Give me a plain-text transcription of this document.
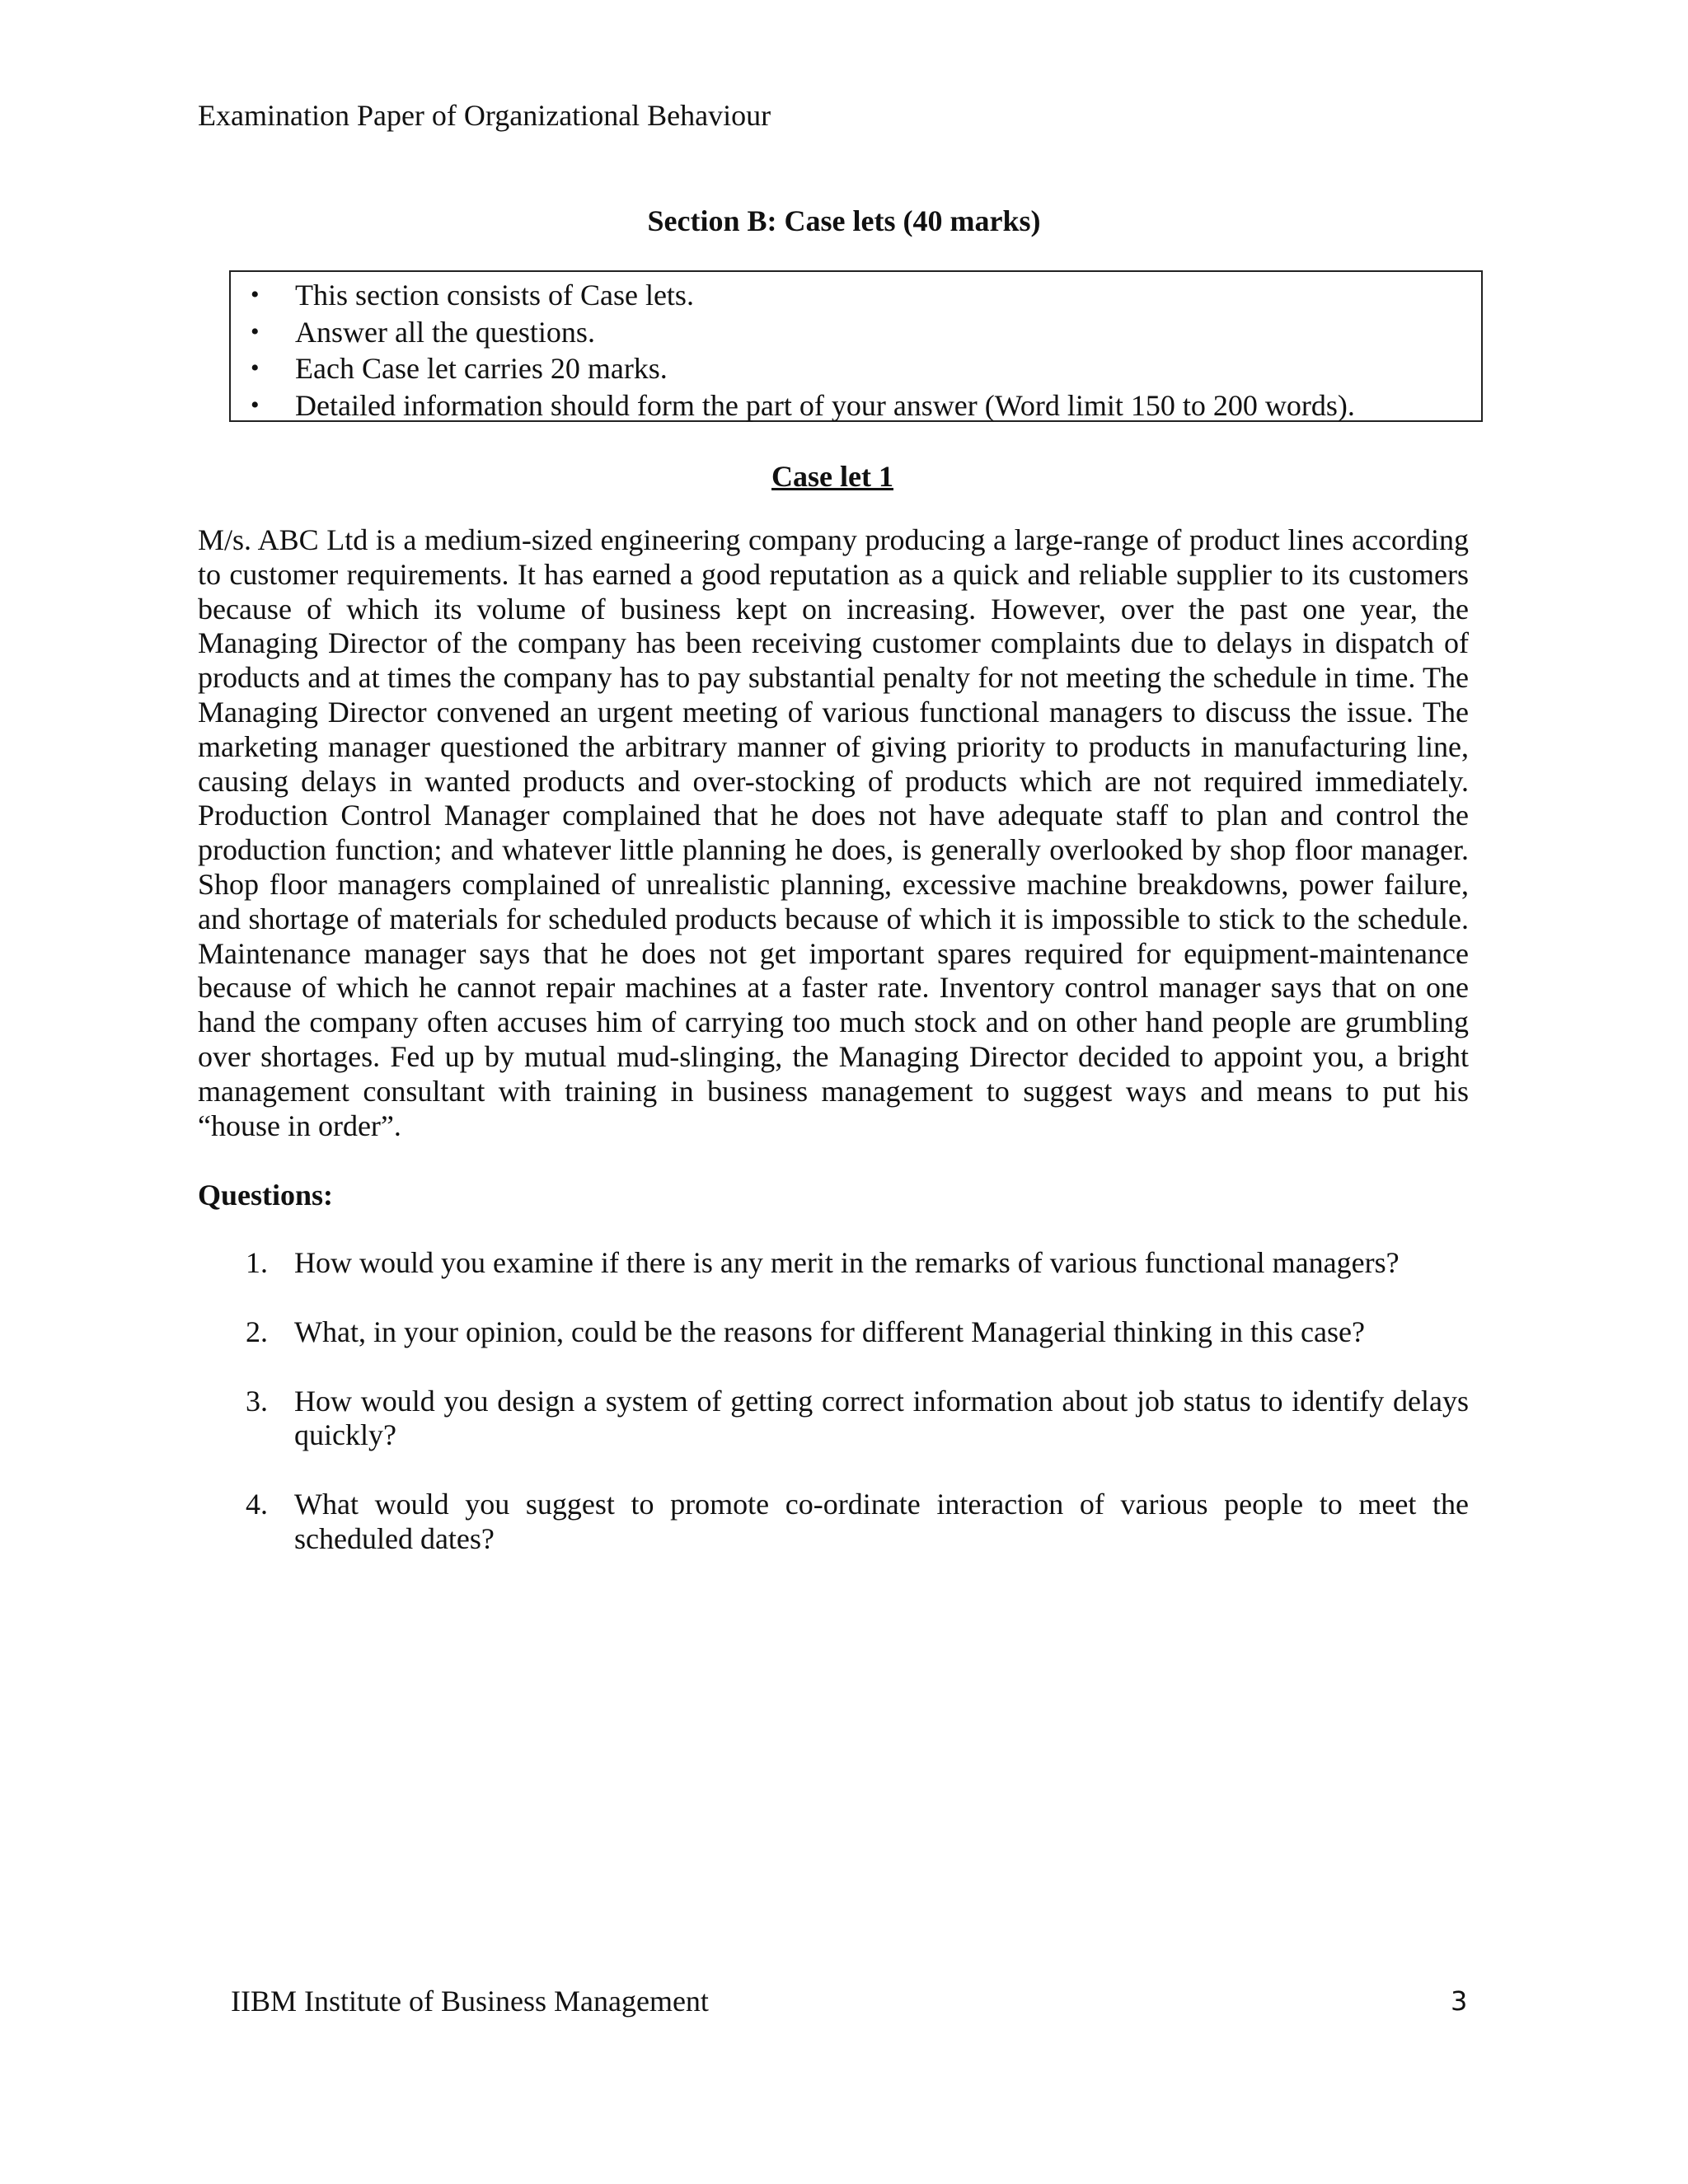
Examination Paper of Organizational Behaviour
Section B: Case lets (40 marks)
• This section consists of Case lets.
• Answer all the questions.
• Each Case let carries 20 marks.
• Detailed information should form the part of your answer (Word limit 150 to 200 words).
Case let 1

M/s. ABC Ltd is a medium-sized engineering company producing a large-range of product lines according to customer requirements. It has earned a good reputation as a quick and reliable supplier to its customers because of which its volume of business kept on increasing. However, over the past one year, the Managing Director of the company has been receiving customer complaints due to delays in dispatch of products and at times the company has to pay substantial penalty for not meeting the schedule in time. The Managing Director convened an urgent meeting of various functional managers to discuss the issue. The marketing manager questioned the arbitrary manner of giving priority to products in manufacturing line, causing delays in wanted products and over-stocking of products which are not required immediately. Production Control Manager complained that he does not have adequate staff to plan and control the production function; and whatever little planning he does, is generally overlooked by shop floor manager. Shop floor managers complained of unrealistic planning, excessive machine breakdowns, power failure, and shortage of materials for scheduled products because of which it is impossible to stick to the schedule. Maintenance manager says that he does not get important spares required for equipment-maintenance because of which he cannot repair machines at a faster rate. Inventory control manager says that on one hand the company often accuses him of carrying too much stock and on other hand people are grumbling over shortages. Fed up by mutual mud-slinging, the Managing Director decided to appoint you, a bright management consultant with training in business management to suggest ways and means to put his “house in order”.

Questions:
1. How would you examine if there is any merit in the remarks of various functional managers?
2. What, in your opinion, could be the reasons for different Managerial thinking in this case?
3. How would you design a system of getting correct information about job status to identify delays quickly?
4. What would you suggest to promote co-ordinate interaction of various people to meet the scheduled dates?
IIBM Institute of Business Management	3
